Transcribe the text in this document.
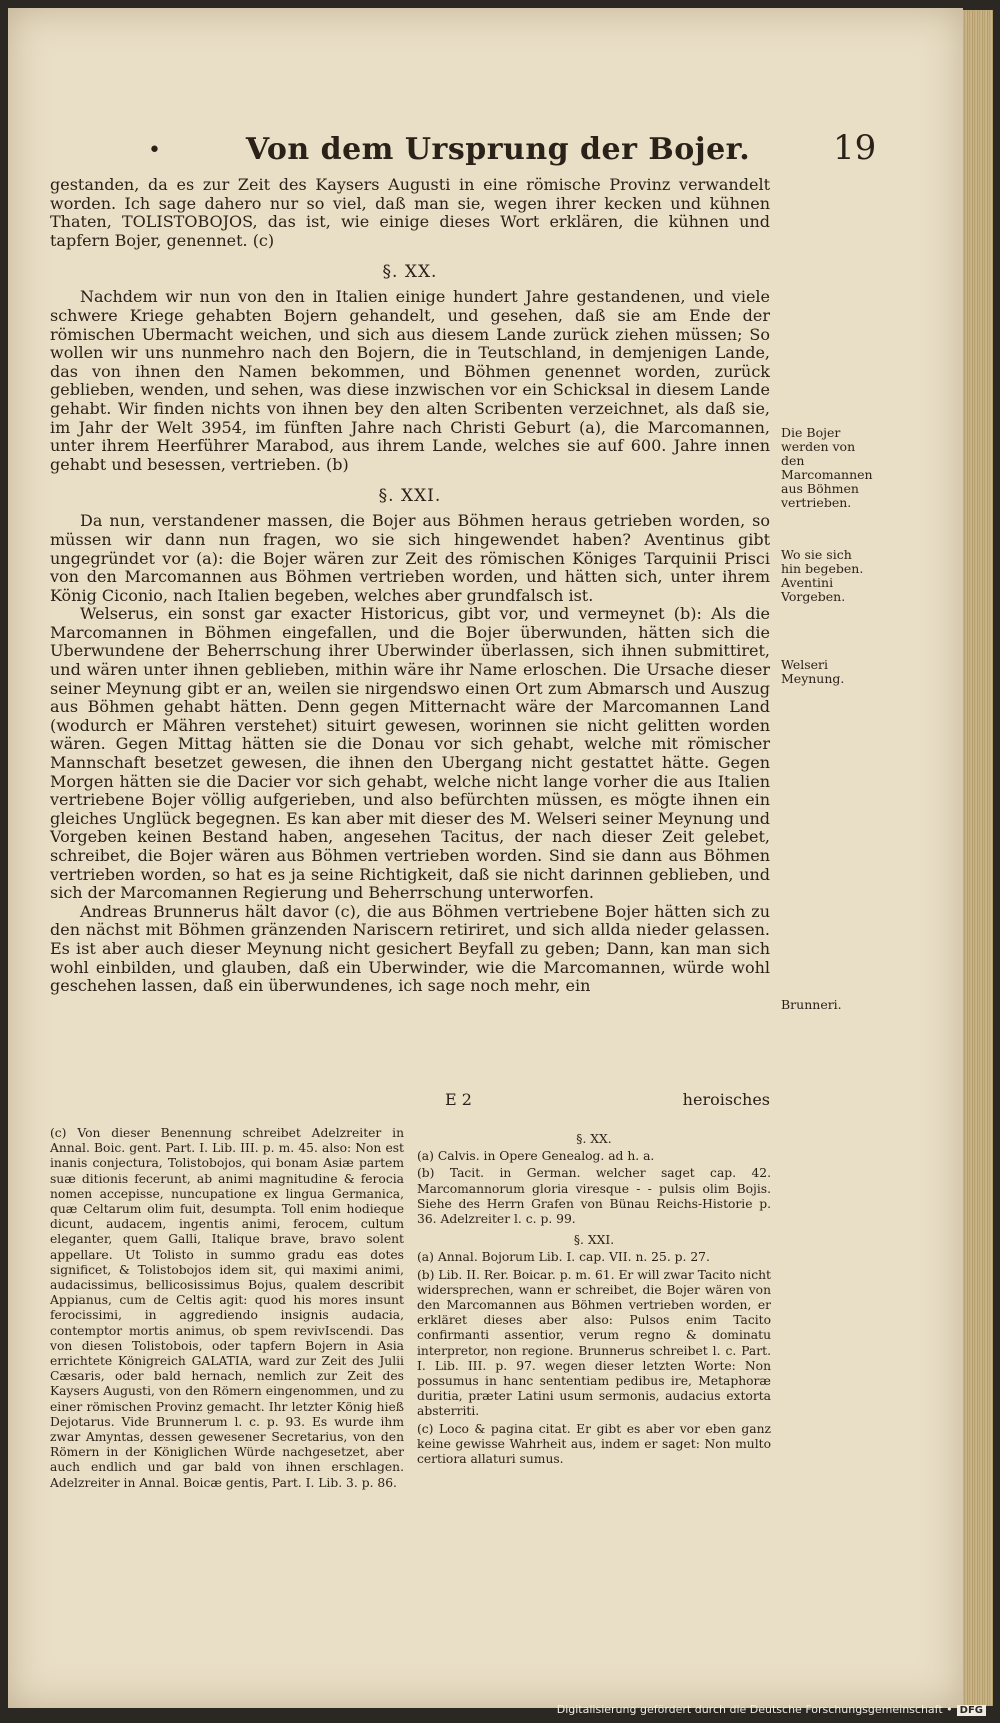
•	Von dem Ursprung der Bojer. 19

gestanden, da es zur Zeit des Kaysers Augusti in eine römische Provinz verwandelt worden. Ich sage dahero nur so viel, daß man sie, wegen ihrer kecken und kühnen Thaten, TOLISTOBOJOS, das ist, wie einige dieses Wort erklären, die kühnen und tapfern Bojer, genennet. (c)

§. XX.

Nachdem wir nun von den in Italien einige hundert Jahre gestandenen, und viele schwere Kriege gehabten Bojern gehandelt, und gesehen, daß sie am Ende der römischen Ubermacht weichen, und sich aus diesem Lande zurück ziehen müssen; So wollen wir uns nunmehro nach den Bojern, die in Teutschland, in demjenigen Lande, das von ihnen den Namen bekommen, und Böhmen genennet worden, zurück geblieben, wenden, und sehen, was diese inzwischen vor ein Schicksal in diesem Lande gehabt. Wir finden nichts von ihnen bey den alten Scribenten verzeichnet, als daß sie, im Jahr der Welt 3954, im fünften Jahre nach Christi Geburt (a), die Marcomannen, unter ihrem Heerführer Marabod, aus ihrem Lande, welches sie auf 600. Jahre innen gehabt und besessen, vertrieben. (b)

§. XXI.

Da nun, verstandener massen, die Bojer aus Böhmen heraus getrieben worden, so müssen wir dann nun fragen, wo sie sich hingewendet haben? Aventinus gibt ungegründet vor (a): die Bojer wären zur Zeit des römischen Königes Tarquinii Prisci von den Marcomannen aus Böhmen vertrieben worden, und hätten sich, unter ihrem König Ciconio, nach Italien begeben, welches aber grundfalsch ist.

Welserus, ein sonst gar exacter Historicus, gibt vor, und vermeynet (b): Als die Marcomannen in Böhmen eingefallen, und die Bojer überwunden, hätten sich die Uberwundene der Beherrschung ihrer Uberwinder überlassen, sich ihnen submittiret, und wären unter ihnen geblieben, mithin wäre ihr Name erloschen. Die Ursache dieser seiner Meynung gibt er an, weilen sie nirgendswo einen Ort zum Abmarsch und Auszug aus Böhmen gehabt hätten. Denn gegen Mitternacht wäre der Marcomannen Land (wodurch er Mähren verstehet) situirt gewesen, worinnen sie nicht gelitten worden wären. Gegen Mittag hätten sie die Donau vor sich gehabt, welche mit römischer Mannschaft besetzet gewesen, die ihnen den Ubergang nicht gestattet hätte. Gegen Morgen hätten sie die Dacier vor sich gehabt, welche nicht lange vorher die aus Italien vertriebene Bojer völlig aufgerieben, und also befürchten müssen, es mögte ihnen ein gleiches Unglück begegnen. Es kan aber mit dieser des M. Welseri seiner Meynung und Vorgeben keinen Bestand haben, angesehen Tacitus, der nach dieser Zeit gelebet, schreibet, die Bojer wären aus Böhmen vertrieben worden. Sind sie dann aus Böhmen vertrieben worden, so hat es ja seine Richtigkeit, daß sie nicht darinnen geblieben, und sich der Marcomannen Regierung und Beherrschung unterworfen.

Andreas Brunnerus hält davor (c), die aus Böhmen vertriebene Bojer hätten sich zu den nächst mit Böhmen gränzenden Nariscern retiriret, und sich allda nieder gelassen. Es ist aber auch dieser Meynung nicht gesichert Beyfall zu geben; Dann, kan man sich wohl einbilden, und glauben, daß ein Uberwinder, wie die Marcomannen, würde wohl geschehen lassen, daß ein überwundenes, ich sage noch mehr, ein

Die Bojer werden von den Marcomannen aus Böhmen vertrieben.
Wo sie sich hin begeben. Aventini Vorgeben.
Welseri Meynung.
Brunneri.
E 2	heroisches

(c) Von dieser Benennung schreibet Adelzreiter in Annal. Boic. gent. Part. I. Lib. III. p. m. 45. also: Non est inanis conjectura, Tolistobojos, qui bonam Asiæ partem suæ ditionis fecerunt, ab animi magnitudine & ferocia nomen accepisse, nuncupatione ex lingua Germanica, quæ Celtarum olim fuit, desumpta. Toll enim hodieque dicunt, audacem, ingentis animi, ferocem, cultum eleganter, quem Galli, Italique brave, bravo solent appellare. Ut Tolisto in summo gradu eas dotes significet, & Tolistobojos idem sit, qui maximi animi, audacissimus, bellicosissimus Bojus, qualem describit Appianus, cum de Celtis agit: quod his mores insunt ferocissimi, in aggrediendo insignis audacia, contemptor mortis animus, ob spem revivIscendi. Das von diesen Tolistobois, oder tapfern Bojern in Asia errichtete Königreich GALATIA, ward zur Zeit des Julii Cæsaris, oder bald hernach, nemlich zur Zeit des Kaysers Augusti, von den Römern eingenommen, und zu einer römischen Provinz gemacht. Ihr letzter König hieß Dejotarus. Vide Brunnerum l. c. p. 93. Es wurde ihm zwar Amyntas, dessen gewesener Secretarius, von den Römern in der Königlichen Würde nachgesetzet, aber auch endlich und gar bald von ihnen erschlagen. Adelzreiter in Annal. Boicæ gentis, Part. I. Lib. 3. p. 86.

§. XX.

(a) Calvis. in Opere Genealog. ad h. a.

(b) Tacit. in German. welcher saget cap. 42. Marcomannorum gloria viresque - - pulsis olim Bojis. Siehe des Herrn Grafen von Bünau Reichs-Historie p. 36. Adelzreiter l. c. p. 99.

§. XXI.

(a) Annal. Bojorum Lib. I. cap. VII. n. 25. p. 27.

(b) Lib. II. Rer. Boicar. p. m. 61. Er will zwar Tacito nicht widersprechen, wann er schreibet, die Bojer wären von den Marcomannen aus Böhmen vertrieben worden, er erkläret dieses aber also: Pulsos enim Tacito confirmanti assentior, verum regno & dominatu interpretor, non regione. Brunnerus schreibet l. c. Part. I. Lib. III. p. 97. wegen dieser letzten Worte: Non possumus in hanc sententiam pedibus ire, Metaphoræ duritia, præter Latini usum sermonis, audacius extorta absterriti.

(c) Loco & pagina citat. Er gibt es aber vor eben ganz keine gewisse Wahrheit aus, indem er saget: Non multo certiora allaturi sumus.

Digitalisierung gefördert durch die Deutsche Forschungsgemeinschaft • DFG
